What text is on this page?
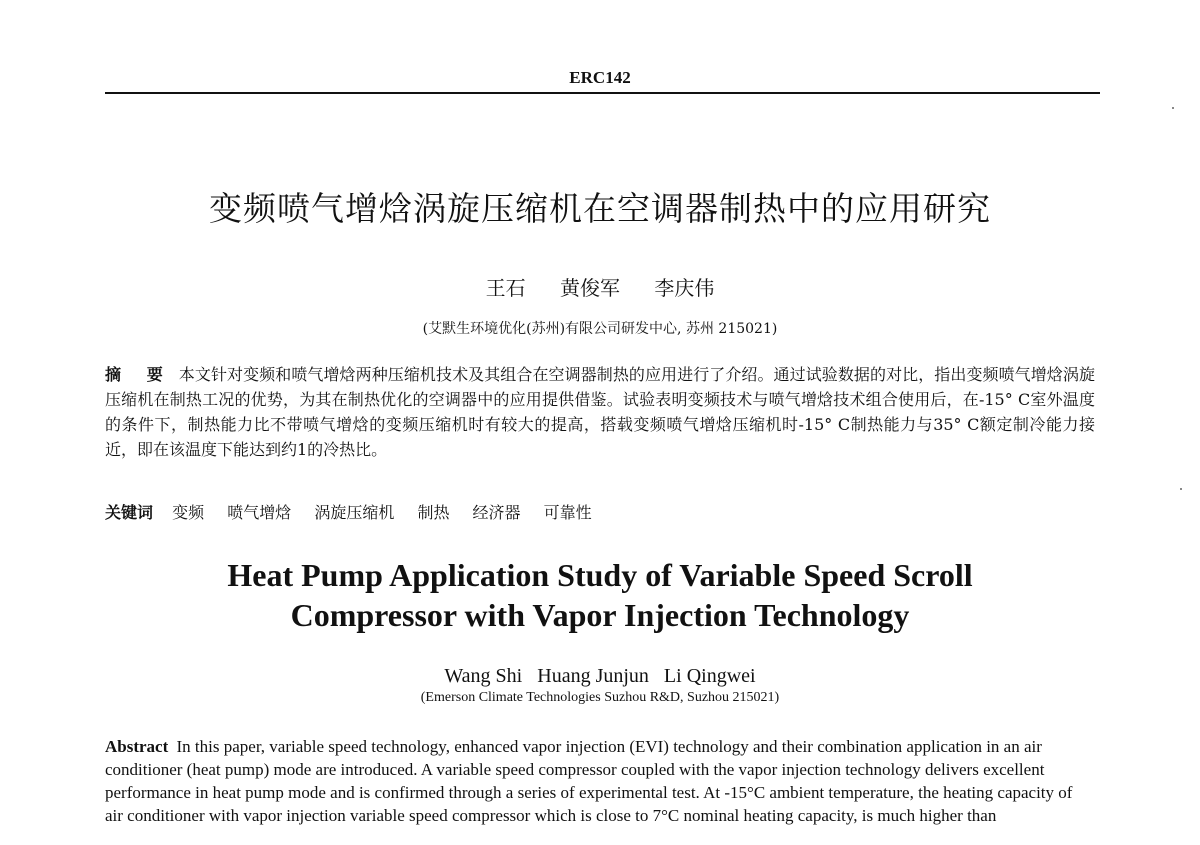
ERC142
变频喷气增焓涡旋压缩机在空调器制热中的应用研究
王石 黄俊军 李庆伟
(艾默生环境优化(苏州)有限公司研发中心, 苏州 215021)
摘 要 本文针对变频和喷气增焓两种压缩机技术及其组合在空调器制热的应用进行了介绍。通过试验数据的对比，指出变频喷气增焓涡旋压缩机在制热工况的优势，为其在制热优化的空调器中的应用提供借鉴。试验表明变频技术与喷气增焓技术组合使用后，在-15° C室外温度的条件下，制热能力比不带喷气增焓的变频压缩机时有较大的提高，搭载变频喷气增焓压缩机时-15° C制热能力与35° C额定制冷能力接近，即在该温度下能达到约1的冷热比。
关键词 变频 喷气增焓 涡旋压缩机 制热 经济器 可靠性
Heat Pump Application Study of Variable Speed Scroll
Compressor with Vapor Injection Technology
Wang Shi Huang Junjun Li Qingwei
(Emerson Climate Technologies Suzhou R&D, Suzhou 215021)
Abstract In this paper, variable speed technology, enhanced vapor injection (EVI) technology and their combination application in an air conditioner (heat pump) mode are introduced. A variable speed compressor coupled with the vapor injection technology delivers excellent performance in heat pump mode and is confirmed through a series of experimental test. At -15°C ambient temperature, the heating capacity of air conditioner with vapor injection variable speed compressor which is close to 7°C nominal heating capacity, is much higher than
